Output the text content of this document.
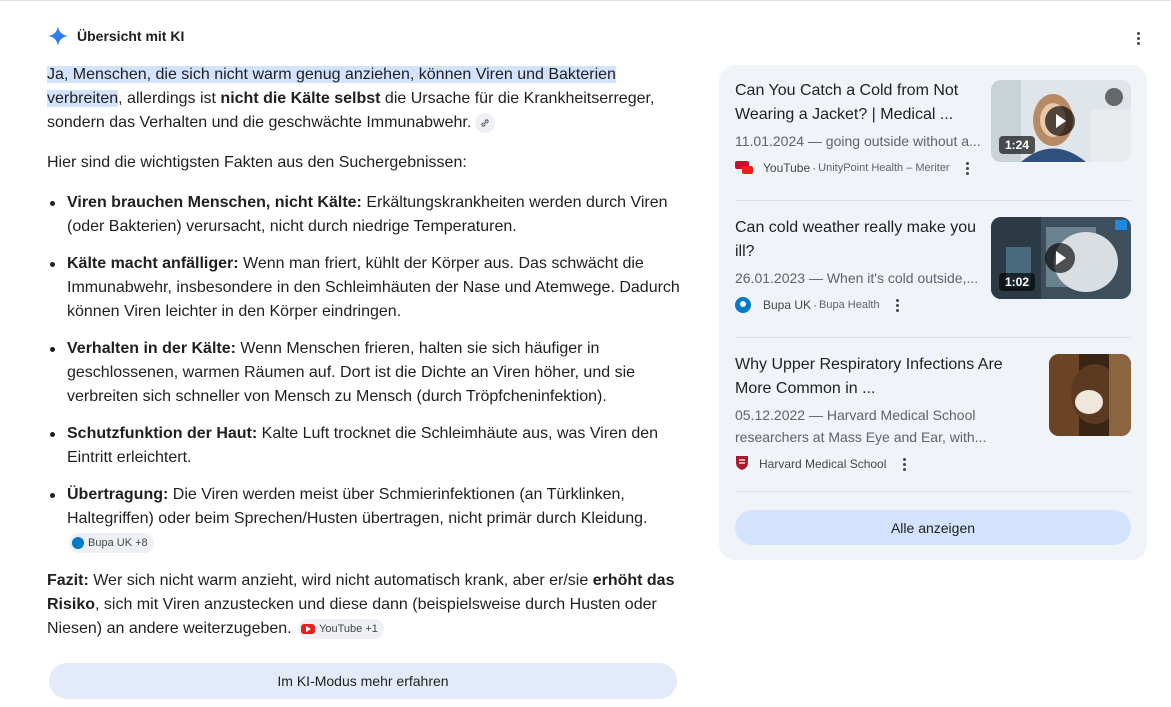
Übersicht mit KI

Ja, Menschen, die sich nicht warm genug anziehen, können Viren und Bakterien verbreiten, allerdings ist nicht die Kälte selbst die Ursache für die Krankheitserreger, sondern das Verhalten und die geschwächte Immunabwehr.

Hier sind die wichtigsten Fakten aus den Suchergebnissen:

Viren brauchen Menschen, nicht Kälte: Erkältungskrankheiten werden durch Viren (oder Bakterien) verursacht, nicht durch niedrige Temperaturen.
Kälte macht anfälliger: Wenn man friert, kühlt der Körper aus. Das schwächt die Immunabwehr, insbesondere in den Schleimhäuten der Nase und Atemwege. Dadurch können Viren leichter in den Körper eindringen.
Verhalten in der Kälte: Wenn Menschen frieren, halten sie sich häufiger in geschlossenen, warmen Räumen auf. Dort ist die Dichte an Viren höher, und sie verbreiten sich schneller von Mensch zu Mensch (durch Tröpfcheninfektion).
Schutzfunktion der Haut: Kalte Luft trocknet die Schleimhäute aus, was Viren den Eintritt erleichtert.
Übertragung: Die Viren werden meist über Schmierinfektionen (an Türklinken, Haltegriffen) oder beim Sprechen/Husten übertragen, nicht primär durch Kleidung.
Bupa UK +8

Fazit: Wer sich nicht warm anzieht, wird nicht automatisch krank, aber er/sie erhöht das Risiko, sich mit Viren anzustecken und diese dann (beispielsweise durch Husten oder Niesen) an andere weiterzugeben. YouTube +1

Im KI-Modus mehr erfahren
Can You Catch a Cold from Not Wearing a Jacket? | Medical ...
11.01.2024 — going outside without a...
YouTube · UnityPoint Health – Meriter
1:24
Can cold weather really make you ill?
26.01.2023 — When it's cold outside,...
Bupa UK · Bupa Health
1:02
Why Upper Respiratory Infections Are More Common in ...
05.12.2022 — Harvard Medical School researchers at Mass Eye and Ear, with...
Harvard Medical School
Alle anzeigen
